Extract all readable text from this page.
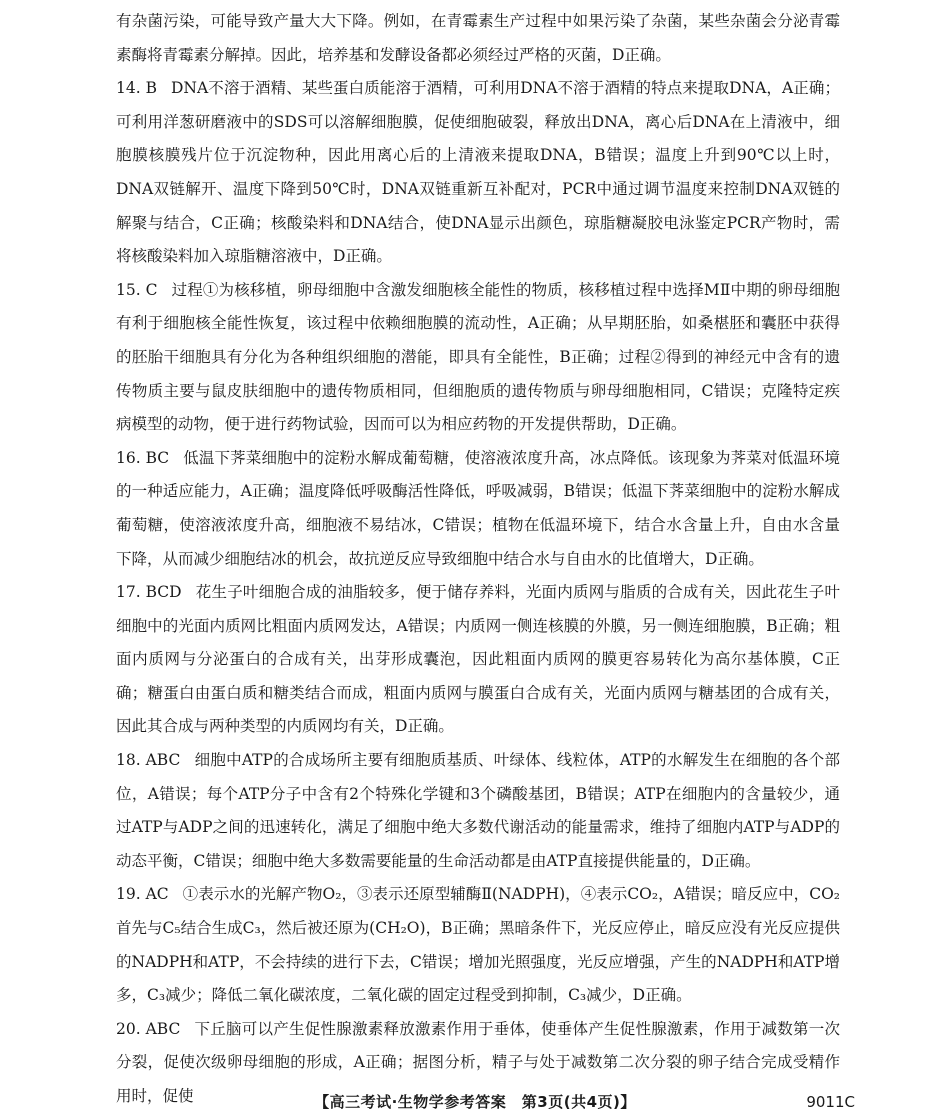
有杂菌污染，可能导致产量大大下降。例如，在青霉素生产过程中如果污染了杂菌，某些杂菌会分泌青霉素酶将青霉素分解掉。因此，培养基和发酵设备都必须经过严格的灭菌，D正确。

14. B DNA不溶于酒精、某些蛋白质能溶于酒精，可利用DNA不溶于酒精的特点来提取DNA，A正确；可利用洋葱研磨液中的SDS可以溶解细胞膜，促使细胞破裂，释放出DNA，离心后DNA在上清液中，细胞膜核膜残片位于沉淀物种，因此用离心后的上清液来提取DNA，B错误；温度上升到90℃以上时，DNA双链解开、温度下降到50℃时，DNA双链重新互补配对，PCR中通过调节温度来控制DNA双链的解聚与结合，C正确；核酸染料和DNA结合，使DNA显示出颜色，琼脂糖凝胶电泳鉴定PCR产物时，需将核酸染料加入琼脂糖溶液中，D正确。

15. C 过程①为核移植，卵母细胞中含激发细胞核全能性的物质，核移植过程中选择MⅡ中期的卵母细胞有利于细胞核全能性恢复，该过程中依赖细胞膜的流动性，A正确；从早期胚胎，如桑椹胚和囊胚中获得的胚胎干细胞具有分化为各种组织细胞的潜能，即具有全能性，B正确；过程②得到的神经元中含有的遗传物质主要与鼠皮肤细胞中的遗传物质相同，但细胞质的遗传物质与卵母细胞相同，C错误；克隆特定疾病模型的动物，便于进行药物试验，因而可以为相应药物的开发提供帮助，D正确。

16. BC 低温下荠菜细胞中的淀粉水解成葡萄糖，使溶液浓度升高，冰点降低。该现象为荠菜对低温环境的一种适应能力，A正确；温度降低呼吸酶活性降低，呼吸减弱，B错误；低温下荠菜细胞中的淀粉水解成葡萄糖，使溶液浓度升高，细胞液不易结冰，C错误；植物在低温环境下，结合水含量上升，自由水含量下降，从而减少细胞结冰的机会，故抗逆反应导致细胞中结合水与自由水的比值增大，D正确。

17. BCD 花生子叶细胞合成的油脂较多，便于储存养料，光面内质网与脂质的合成有关，因此花生子叶细胞中的光面内质网比粗面内质网发达，A错误；内质网一侧连核膜的外膜，另一侧连细胞膜，B正确；粗面内质网与分泌蛋白的合成有关，出芽形成囊泡，因此粗面内质网的膜更容易转化为高尔基体膜，C正确；糖蛋白由蛋白质和糖类结合而成，粗面内质网与膜蛋白合成有关，光面内质网与糖基团的合成有关，因此其合成与两种类型的内质网均有关，D正确。

18. ABC 细胞中ATP的合成场所主要有细胞质基质、叶绿体、线粒体，ATP的水解发生在细胞的各个部位，A错误；每个ATP分子中含有2个特殊化学键和3个磷酸基团，B错误；ATP在细胞内的含量较少，通过ATP与ADP之间的迅速转化，满足了细胞中绝大多数代谢活动的能量需求，维持了细胞内ATP与ADP的动态平衡，C错误；细胞中绝大多数需要能量的生命活动都是由ATP直接提供能量的，D正确。

19. AC ①表示水的光解产物O₂，③表示还原型辅酶Ⅱ(NADPH)，④表示CO₂，A错误；暗反应中，CO₂首先与C₅结合生成C₃，然后被还原为(CH₂O)，B正确；黑暗条件下，光反应停止，暗反应没有光反应提供的NADPH和ATP，不会持续的进行下去，C错误；增加光照强度，光反应增强，产生的NADPH和ATP增多，C₃减少；降低二氧化碳浓度，二氧化碳的固定过程受到抑制，C₃减少，D正确。

20. ABC 下丘脑可以产生促性腺激素释放激素作用于垂体，使垂体产生促性腺激素，作用于减数第一次分裂，促使次级卵母细胞的形成，A正确；据图分析，精子与处于减数第二次分裂的卵子结合完成受精作用时，促使	【高三考试·生物学参考答案　第3页(共4页)】	9011C
